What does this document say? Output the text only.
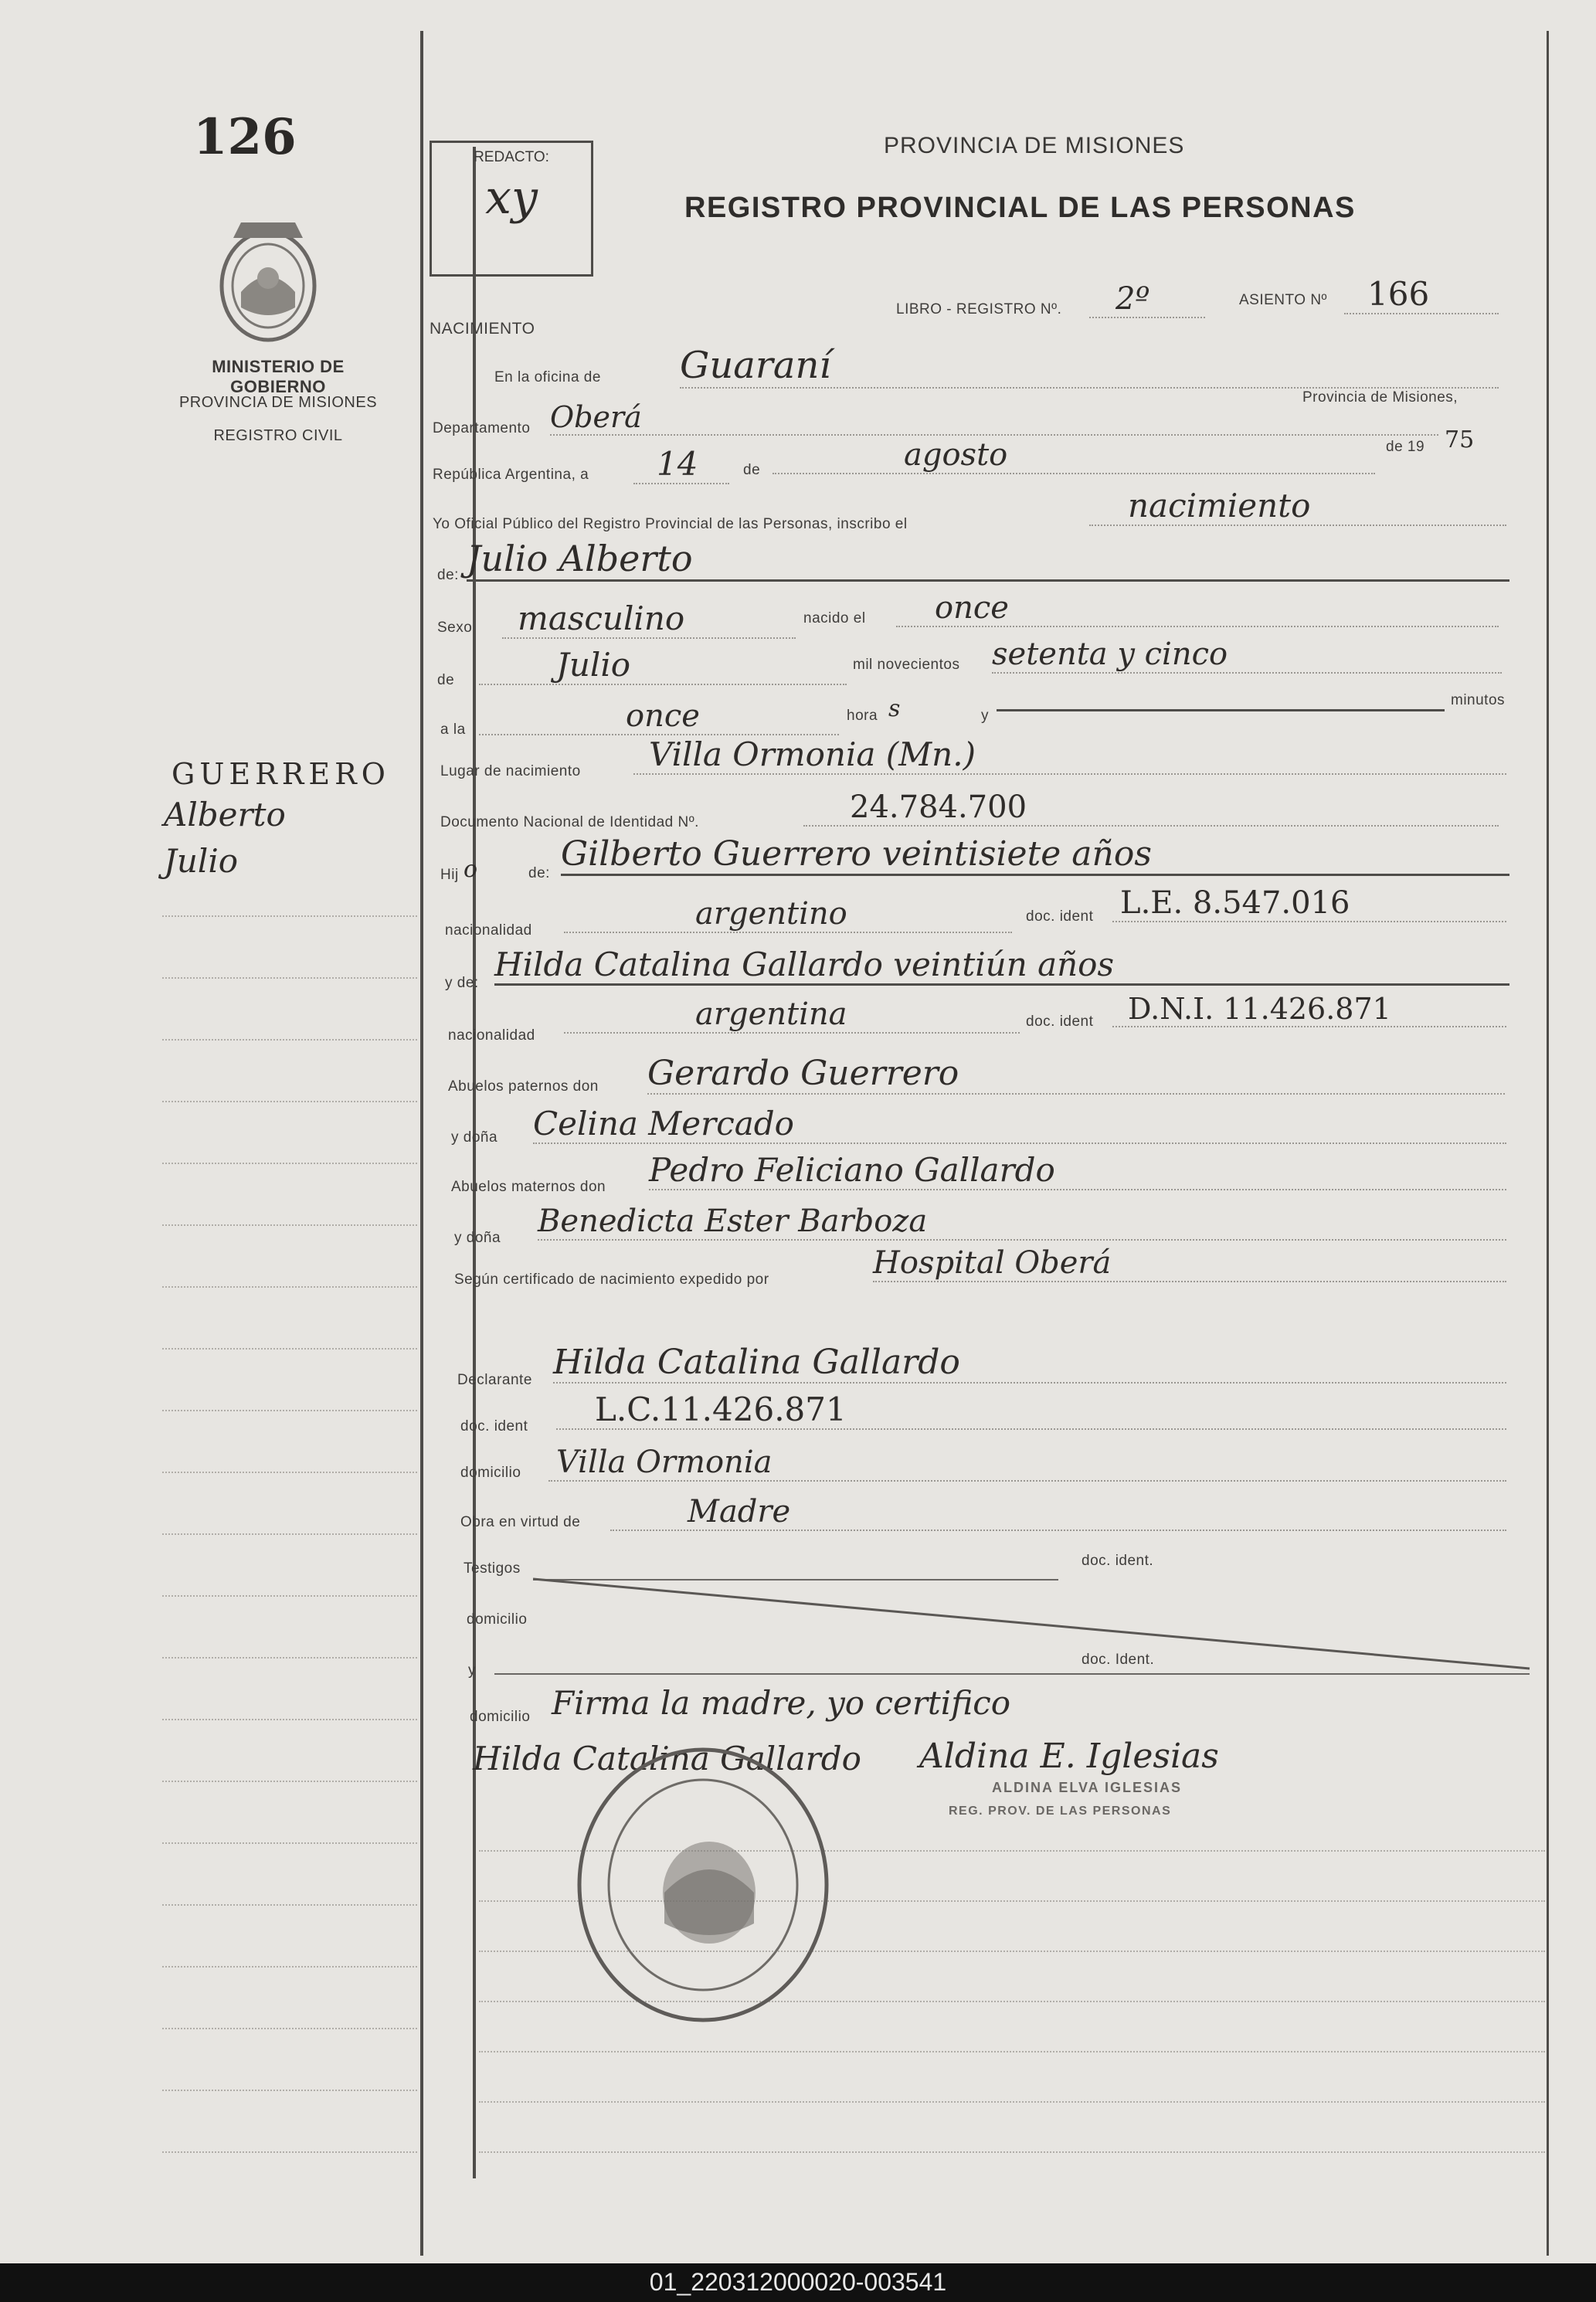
126
MINISTERIO DE GOBIERNO
PROVINCIA DE MISIONES
REGISTRO CIVIL
GUERRERO
Alberto
Julio
REDACTO:
xy
PROVINCIA DE MISIONES
REGISTRO PROVINCIAL DE LAS PERSONAS
NACIMIENTO
LIBRO - REGISTRO Nº.	2º	ASIENTO Nº	166
En la oficina de Guaraní
Provincia de Misiones,
Departamento Oberá
República Argentina, a	14	de	agosto	de 19 75
Yo Oficial Público del Registro Provincial de las Personas, inscribo el	nacimiento
de: Julio Alberto
Sexo	masculino	nacido el	once
de	Julio	mil novecientos setenta y cinco
a la	once	hora s	y
minutos
Lugar de nacimiento	Villa Ormonia (Mn.)
Documento Nacional de Identidad Nº.	24.784.700
Hij o	de: Gilberto Guerrero veintisiete años
nacionalidad	argentino	doc. ident L.E. 8.547.016
y de: Hilda Catalina Gallardo veintiún años
nacionalidad
argentina	doc. ident	D.N.I. 11.426.871
Abuelos paternos don Gerardo Guerrero
y doña Celina Mercado
Abuelos maternos don Pedro Feliciano Gallardo
y doña Benedicta Ester Barboza
Según certificado de nacimiento expedido por	Hospital Oberá
Declarante Hilda Catalina Gallardo
doc. ident	L.C.11.426.871
domicilio Villa Ormonia
Obra en virtud de	Madre
Testigos	doc. ident.
domicilio
y
doc. Ident.
domicilio Firma la madre, yo certifico
Hilda Catalina Gallardo Aldina E. Iglesias
ALDINA ELVA IGLESIAS
REG. PROV. DE LAS PERSONAS
01_220312000020-003541
